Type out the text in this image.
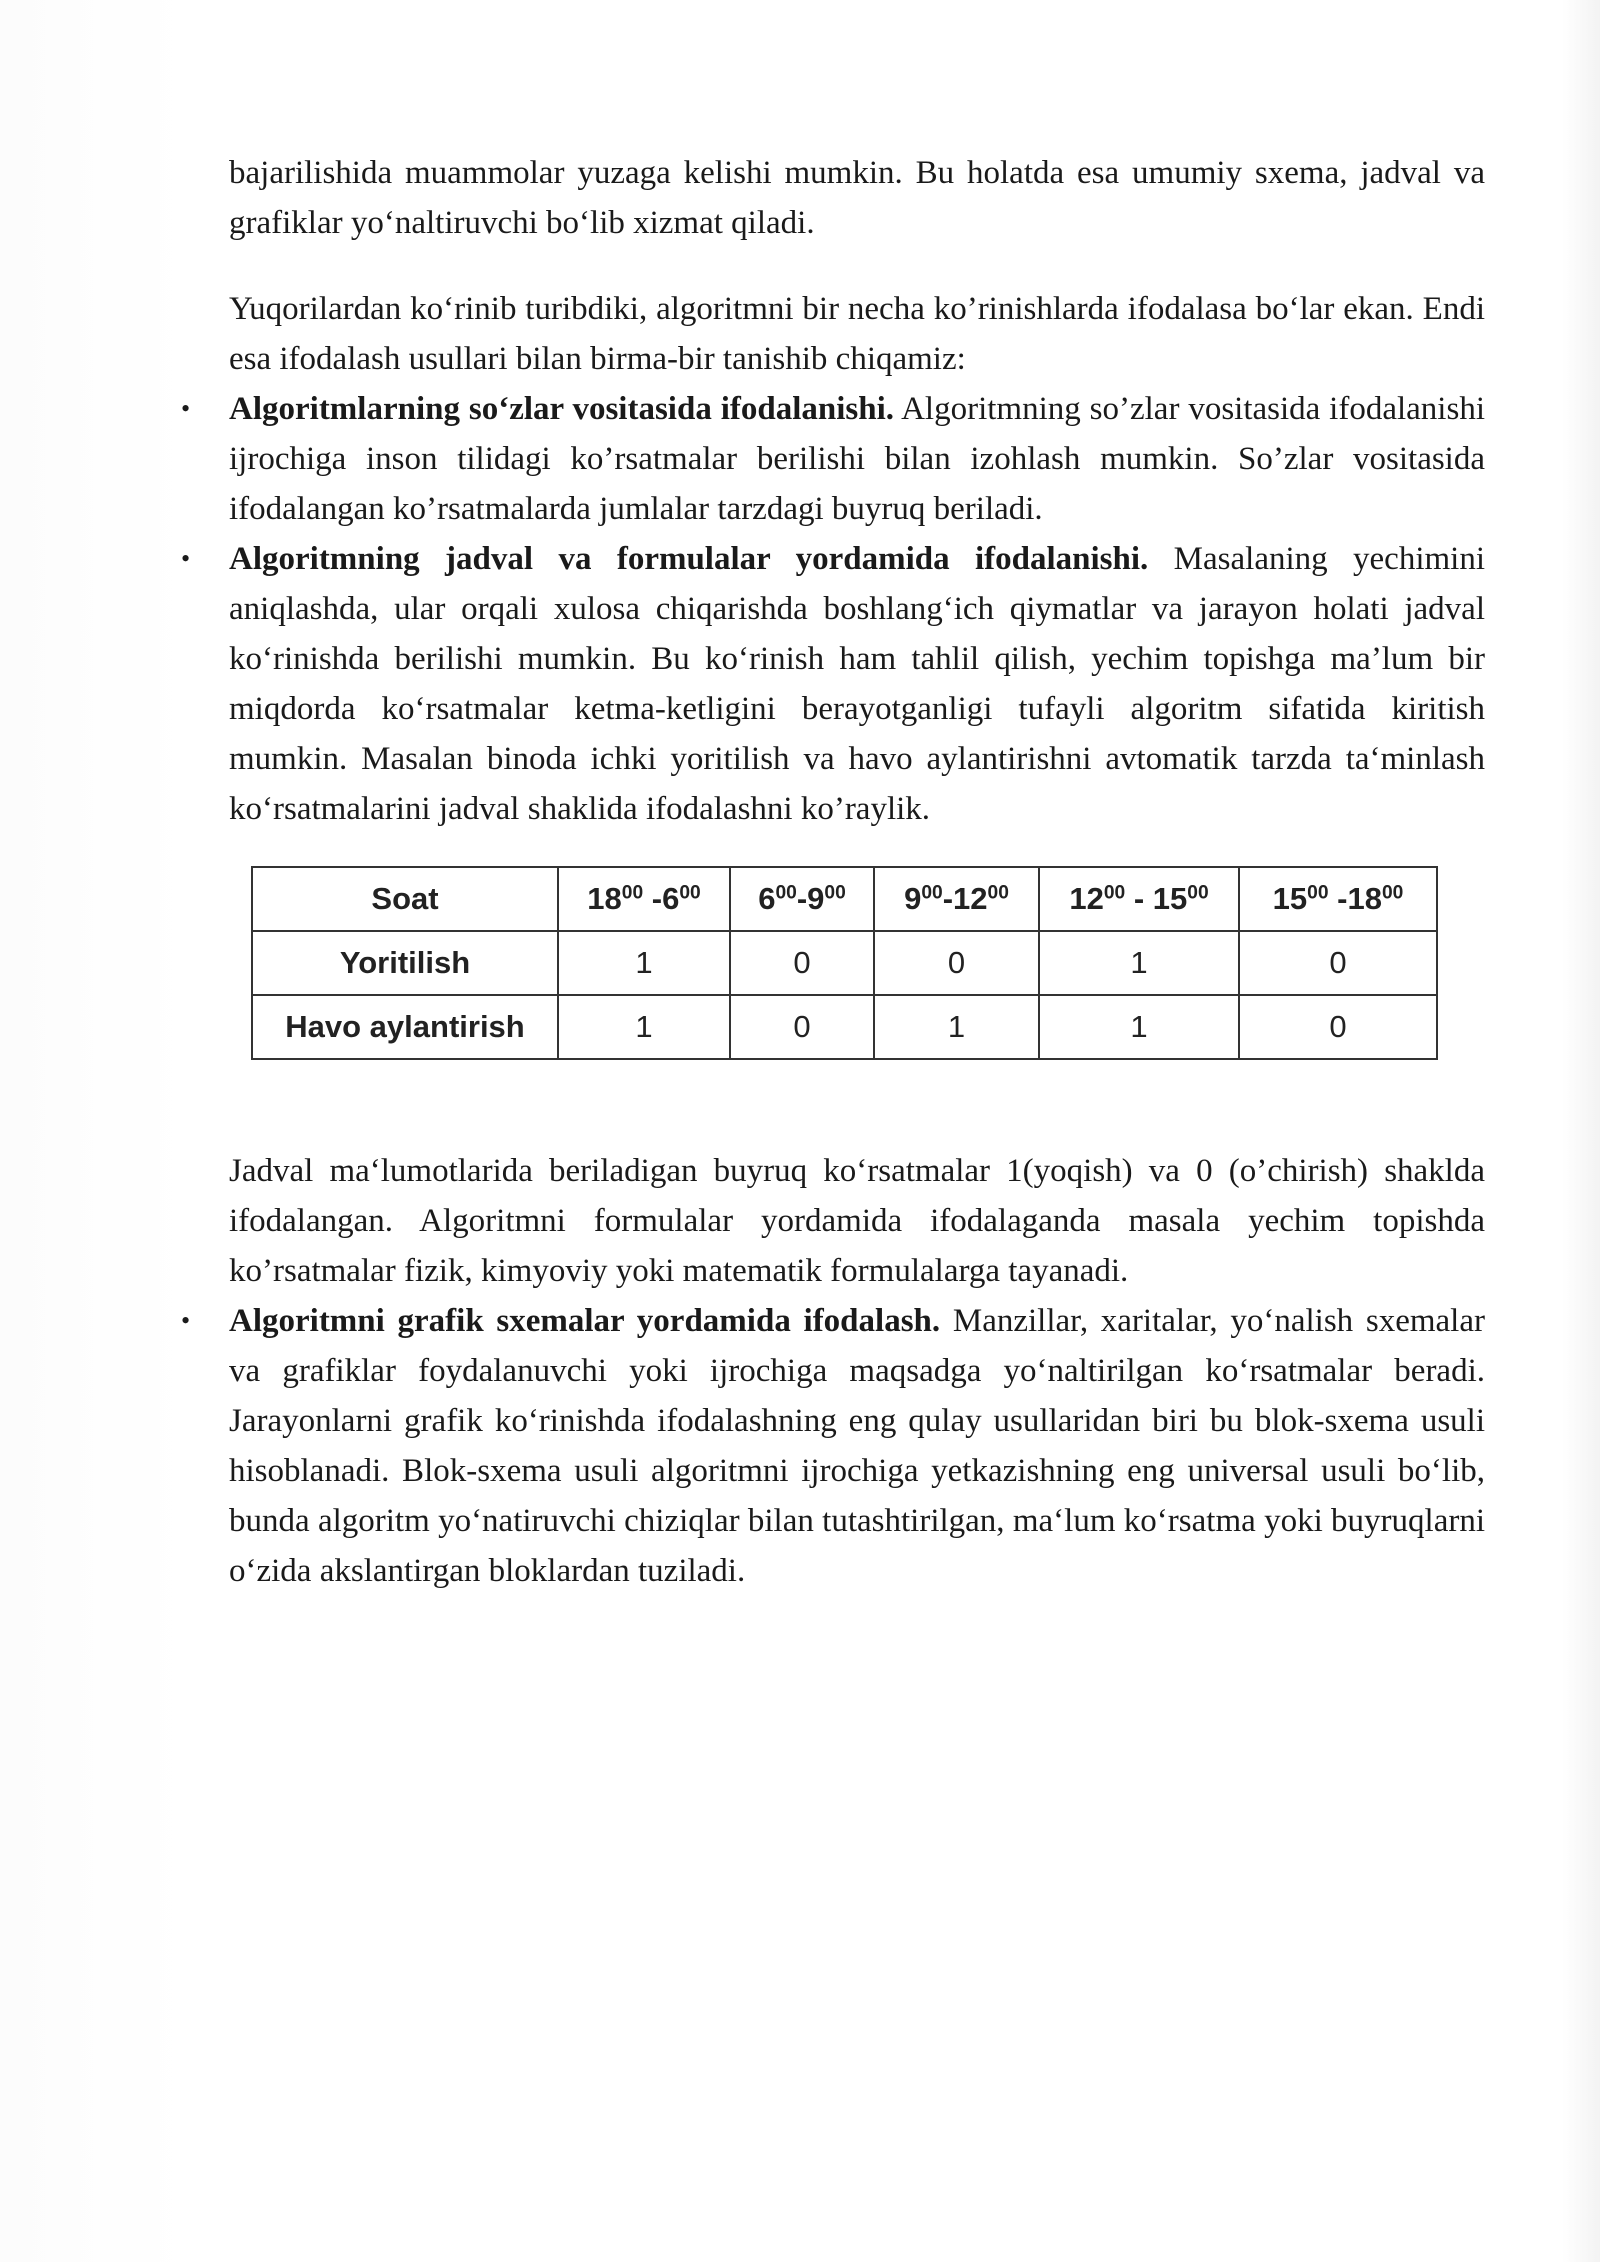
bajarilishida muammolar yuzaga kelishi mumkin. Bu holatda esa umumiy sxema, jadval va grafiklar yo‘naltiruvchi bo‘lib xizmat qiladi.

Yuqorilardan ko‘rinib turibdiki, algoritmni bir necha ko’rinishlarda ifodalasa bo‘lar ekan. Endi esa ifodalash usullari bilan birma-bir tanishib chiqamiz:

• Algoritmlarning so‘zlar vositasida ifodalanishi. Algoritmning so’zlar vositasida ifodalanishi ijrochiga inson tilidagi ko’rsatmalar berilishi bilan izohlash mumkin. So’zlar vositasida ifodalangan ko’rsatmalarda jumlalar tarzdagi buyruq beriladi.
• Algoritmning jadval va formulalar yordamida ifodalanishi. Masalaning yechimini aniqlashda, ular orqali xulosa chiqarishda boshlang‘ich qiymatlar va jarayon holati jadval ko‘rinishda berilishi mumkin. Bu ko‘rinish ham tahlil qilish, yechim topishga ma’lum bir miqdorda ko‘rsatmalar ketma-ketligini berayotganligi tufayli algoritm sifatida kiritish mumkin. Masalan binoda ichki yoritilish va havo aylantirishni avtomatik tarzda ta‘minlash ko‘rsatmalarini jadval shaklida ifodalashni ko’raylik.
Soat	$18^{00}$ $-6^{00}$	$6^{00}-9^{00}$	$9^{00}-12^{00}$	$12^{00} - 15^{00}$	$15^{00}$ $-18^{00}$
Yoritilish	1	0	0	1	0
Havo aylantirish	1	0	1	1	0

Jadval ma‘lumotlarida beriladigan buyruq ko‘rsatmalar 1(yoqish) va 0 (o’chirish) shakldа ifodalangan. Algoritmni formulalar yordamida ifodalaganda masala yechim topishda ko’rsatmalar fizik, kimyoviy yoki matematik formulalarga tayanadi.

• Algoritmni grafik sxemalar yordamida ifodalash. Manzillar, xaritalar, yo‘nalish sxemalar va grafiklar foydalanuvchi yoki ijrochiga maqsadga yo‘naltirilgan ko‘rsatmalar beradi. Jarayonlarni grafik ko‘rinishda ifodalashning eng qulay usullaridan biri bu blok-sxema usuli hisoblanadi. Blok-sxema usuli algoritmni ijrochiga yetkazishning eng universal usuli bo‘lib, bunda algoritm yo‘natiruvchi chiziqlar bilan tutashtirilgan, ma‘lum ko‘rsatma yoki buyruqlarni o‘zida akslantirgan bloklardan tuziladi.
